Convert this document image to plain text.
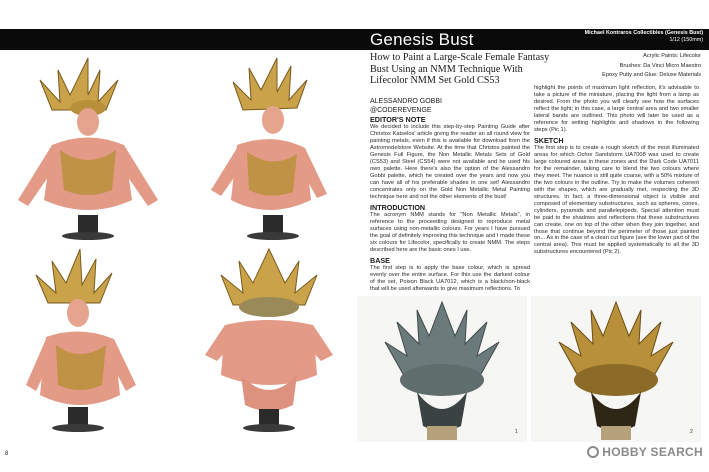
Genesis Bust	Michael Kontraros Collectibles (Genesis Bust)
1/12 (150mm)
How to Paint a Large-Scale Female Fantasy Bust Using an NMM Technique With Lifecolor NMM Set Gold CS53
Acrylic Paints: Lifecolor
Brushes: Da Vinci Micro Maestro
Epoxy Putty and Glue: Deluxe Materials
ALESSANDRO GOBBI
@CODEREVENGE
EDITOR'S NOTE

We decided to include this step-by-step Painting Guide after Christos Katselos' article giving the reader an all round view for painting metals, even if this is available for download from the Astromodelstore Website. At the time that Christos painted the Genesis Full Figure, the Non Metallic Metals Sets of Gold (CS53) and Steel (CS54) were not available and he used his own palette. Here there's also the option of the Alessandro Gobbi palette, which he created over the years and now you can have all of his preferable shades in one set! Alessandro concentrates only on the Gold Non Metallic Metal Painting technique here and not the other elements of the bust!

INTRODUCTION

The acronym NMM stands for "Non Metallic Metals", in reference to the proceeding designed to reproduce metal surfaces using non-metallic colours. For years I have pursued the goal of definitely improving this technique and I made these six colours for Lifecolor, specifically to create NMM. The steps described here are the basic ones I use.

BASE

The first step is to apply the base colour, which is spread evenly over the entire surface. For this use the darkest colour of the set, Poison Black UA7012, which is a black/non-black that will be used afterwards to give maximum reflections. To

highlight the points of maximum light reflection, it's advisable to take a picture of the miniature, placing the light from a lamp as desired. From the photo you will clearly see how the surfaces reflect the light; in this case, a large central area and two smaller lateral bands are outlined. This photo will later be used as a reference for setting highlights and shadows in the following steps (Pic 1).

SKETCH

The first step is to create a rough sketch of the most illuminated areas for which Ochre Sandstorm UA7008 was used to create large coloured areas in these zones and the Dark Code UA7011 for the remainder, taking care to blend the two colours where they meet. The nuance is still quite coarse, with a 50% mixture of the two colours in the outline. Try to make the volumes coherent with the shapes, which are gradually met, respecting the 3D structures. In fact, a three-dimensional object is visible and composed of elementary substructures, such as spheres, cones, cylinders, pyramids and parallelepipeds. Special attention must be paid to the shadows and reflections that these substructures can create, one on top of the other when they join together, and those that continue beyond the perimeter of those just painted on... As in the case of a clean cut figure (see the lower part of the central area). This must be applied systematically to all the 3D substructures encountered (Pic 2).

1	2
8	HOBBY SEARCH
